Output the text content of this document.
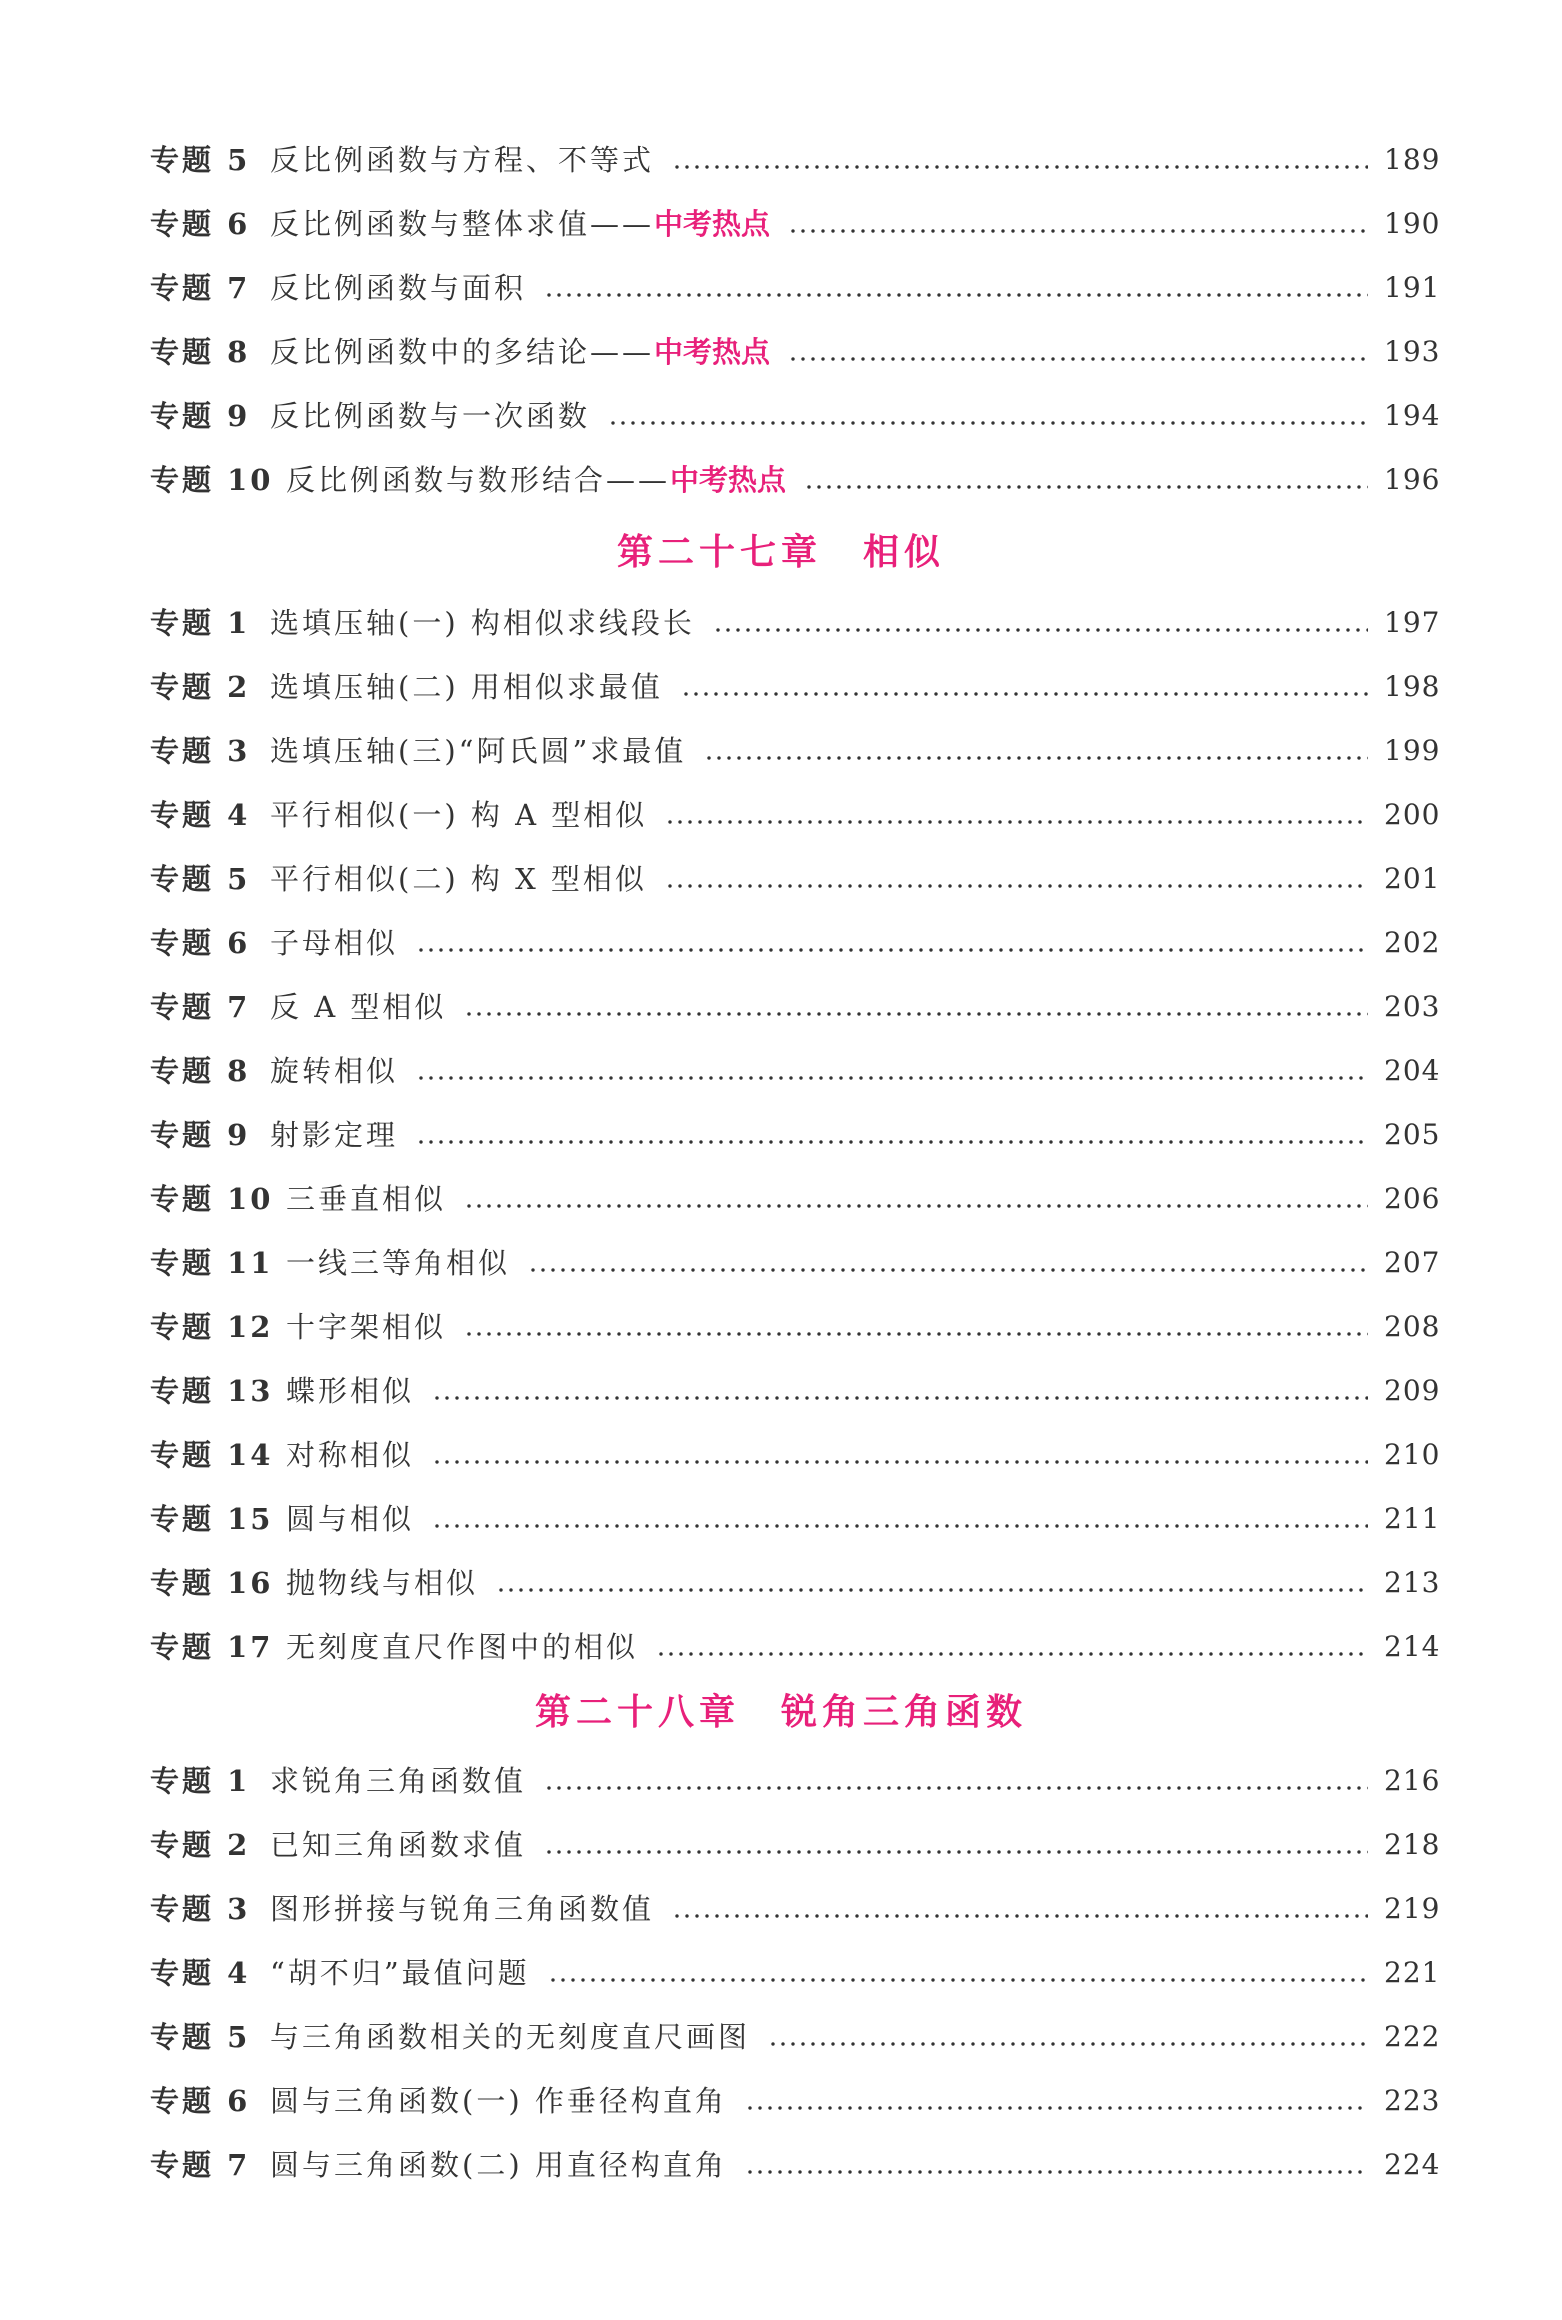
专题 5 反比例函数与方程、不等式	189
专题 6 反比例函数与整体求值—— 中考热点	190
专题 7 反比例函数与面积	191
专题 8 反比例函数中的多结论—— 中考热点	193
专题 9 反比例函数与一次函数	194
专题 10 反比例函数与数形结合—— 中考热点	196
第二十七章　相似
专题 1 选填压轴(一) 构相似求线段长	197
专题 2 选填压轴(二) 用相似求最值	198
专题 3 选填压轴(三)“阿氏圆”求最值	199
专题 4 平行相似(一) 构 A 型相似	200
专题 5 平行相似(二) 构 X 型相似	201
专题 6 子母相似	202
专题 7 反 A 型相似	203
专题 8 旋转相似	204
专题 9 射影定理	205
专题 10 三垂直相似	206
专题 11 一线三等角相似	207
专题 12 十字架相似	208
专题 13 蝶形相似	209
专题 14 对称相似	210
专题 15 圆与相似	211
专题 16 抛物线与相似	213
专题 17 无刻度直尺作图中的相似	214
第二十八章　锐角三角函数
专题 1 求锐角三角函数值	216
专题 2 已知三角函数求值	218
专题 3 图形拼接与锐角三角函数值	219
专题 4 “胡不归”最值问题	221
专题 5 与三角函数相关的无刻度直尺画图	222
专题 6 圆与三角函数(一) 作垂径构直角	223
专题 7 圆与三角函数(二) 用直径构直角	224
